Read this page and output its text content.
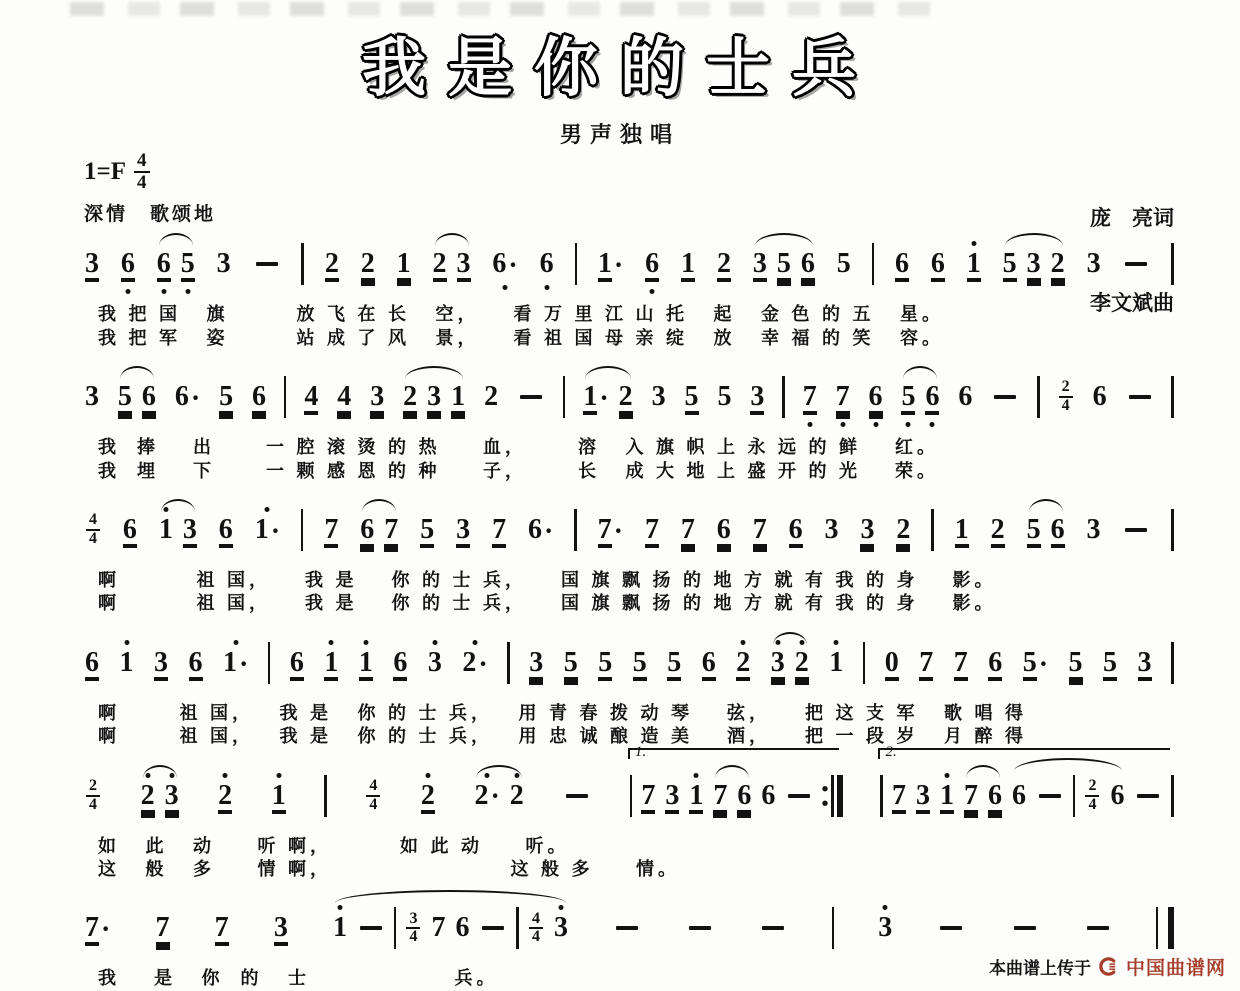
我是你的士兵
男声独唱
$1=F \frac{4}{4}$
深情　歌颂地

	庞　亮词

李文斌曲

3 6 6 5 3	2 2 1 2 3 6 · 6 1 · 6 1 2 3 5 6 5 6 6 1 5 3 2 3
我 把 国   旗        放 飞 在 长   空，    看 万 里 江 山 托   起   金 色 的 五   星。
我 把 军   姿        站 成 了 风   景，    看 祖 国 母 亲 绽   放   幸 福 的 笑   容。
3 5 6 6 · 5 6 4 4 3 2 3 1 2	1 · 2 3 5 5 3 7 7 6 5 6 6	$\frac{2}{4} 6$
我  捧    出      一 腔 滚 烫 的 热     血，      溶   入 旗 帜 上 永 远 的 鲜    红。
我  埋    下      一 颗 感 恩 的 种     子，      长   成 大 地 上 盛 开 的 光    荣。
$\frac{4}{4} 6$ 1 3 6 1 · 7 6 7 5 3 7 6 · 7 · 7 7 6 7 6 3 3 2 1 2 5 6 3
啊         祖 国，    我 是    你 的 士 兵，    国 旗 飘 扬 的 地 方 就 有 我 的 身    影。
啊         祖 国，    我 是    你 的 士 兵，    国 旗 飘 扬 的 地 方 就 有 我 的 身    影。
6 1 3 6 1 · 6 1 1 6 3 2 · 3 5 5 5 5 6 2 3 2 1 0 7 7 6 5 · 5 5 3
啊       祖 国，   我 是   你 的 士 兵，   用 青 春 拨 动 琴    弦，    把 这 支 军   歌 唱 得
啊       祖 国，   我 是   你 的 士 兵，   用 忠 诚 酿 造 美    酒，    把 一 段 岁   月 醉 得
$\frac{2}{4} 2$ 3 2 1	$\frac{4}{4} 2$ 2 · 2
1.
7 3 1 7 6 6
2.
7 3 1 7 6 6	$\frac{2}{4} 6$
如   此   动     听 啊，        如 此 动     听。
这   般   多     情 啊，                     这 般 多     情。
7 · 7 7 3 1	$\frac{3}{4} 7$ 6	$\frac{4}{4} 3$	3
我    是   你  的   士                 兵。	本曲谱上传于 中国曲谱网
